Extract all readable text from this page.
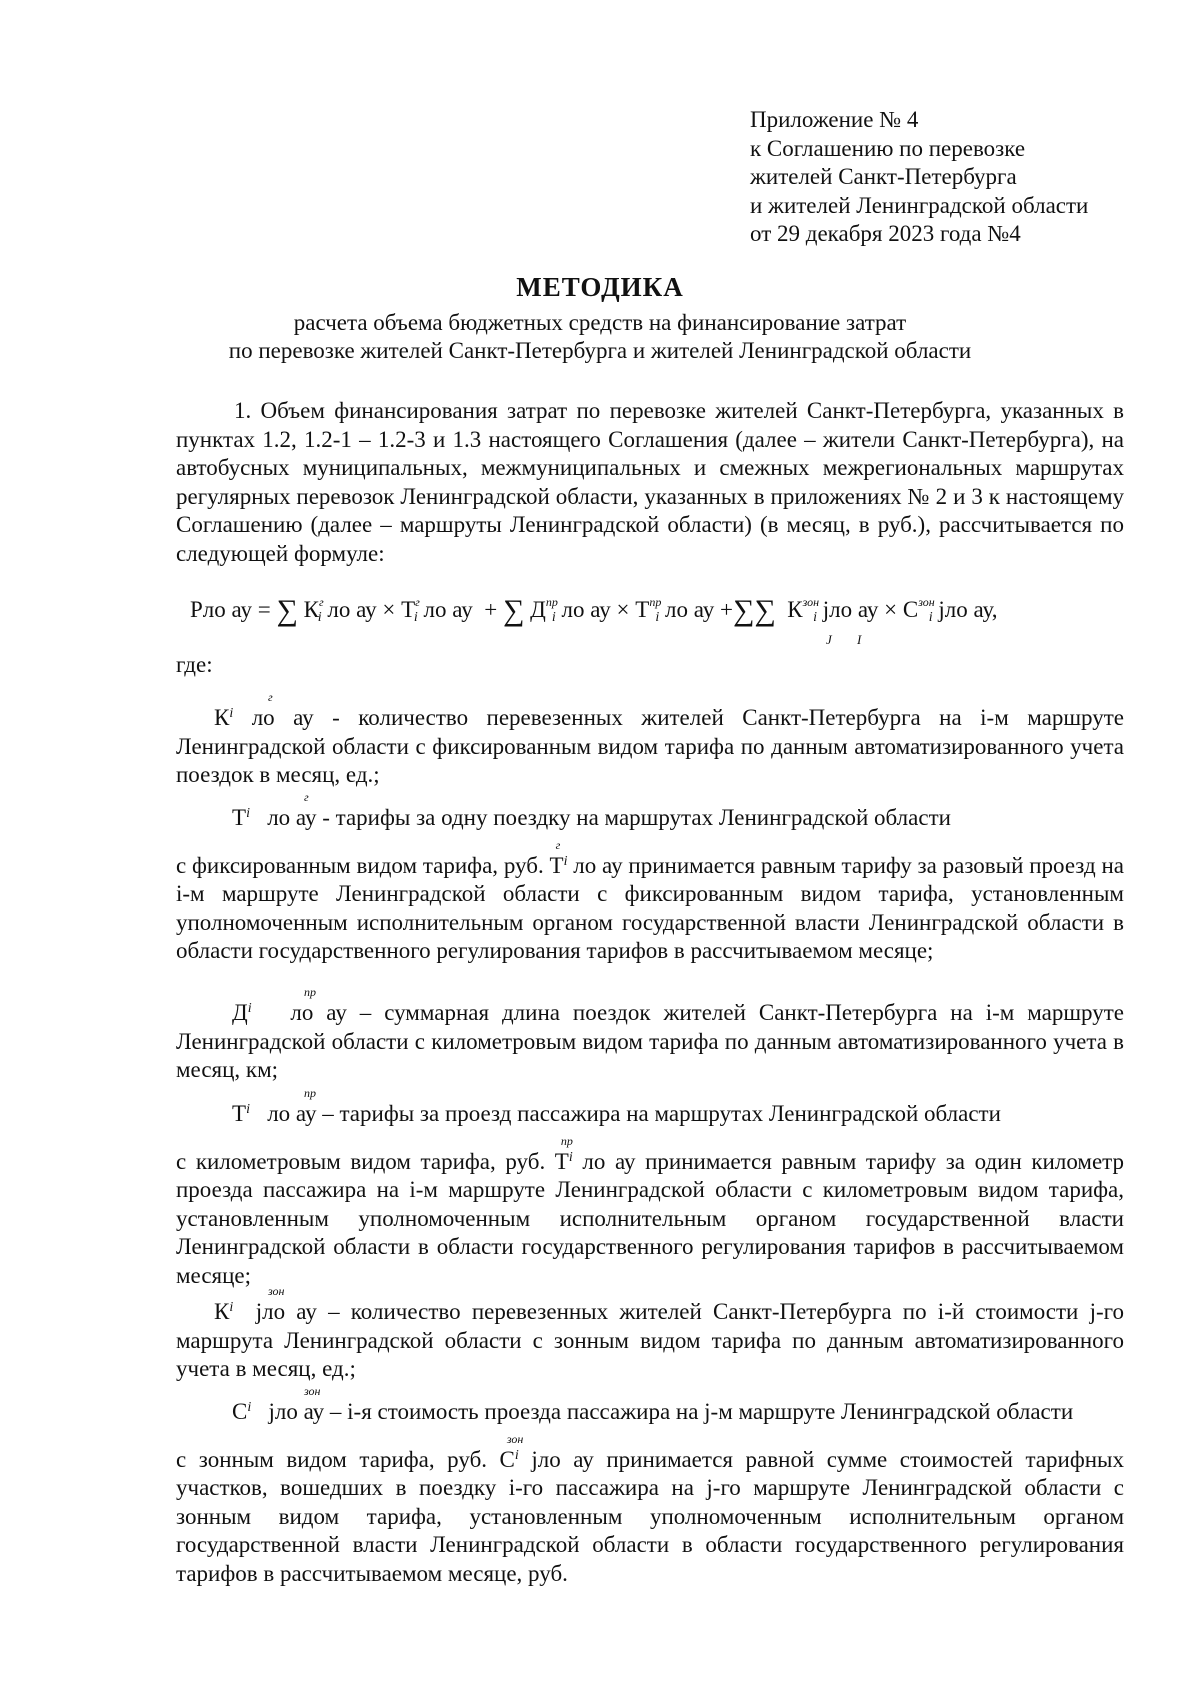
Приложение № 4
к Соглашению по перевозке
жителей Санкт-Петербурга
и жителей Ленинградской области
от 29 декабря 2023 года №4
МЕТОДИКА
расчета объема бюджетных средств на финансирование затрат
по перевозке жителей Санкт-Петербурга и жителей Ленинградской области

1. Объем финансирования затрат по перевозке жителей Санкт-Петербурга, указанных в пунктах 1.2, 1.2-1 – 1.2-3 и 1.3 настоящего Соглашения (далее – жители Санкт-Петербурга), на автобусных муниципальных, межмуниципальных и смежных межрегиональных маршрутах регулярных перевозок Ленинградской области, указанных в приложениях № 2 и 3 к настоящему Соглашению (далее – маршруты Ленинградской области) (в месяц, в руб.), рассчитывается по следующей формуле:

Рло ау = ∑ $К^гi$ ло ау × $Т^гi$ ло ау + ∑ $Д^{пр}i$ ло ау × $Т^{пр}i$ ло ау +∑∑ $К^{зон}i$ jло ау × $С^{зон}i$ jло ау,
J I
где:

К
г
$^i$ ло ау - количество перевезенных жителей Санкт-Петербурга на i-м маршруте Ленинградской области с фиксированным видом тарифа по данным автоматизированного учета поездок в месяц, ед.;

Т
г
$^i$ ло ау - тарифы за одну поездку на маршрутах Ленинградской области

с фиксированным видом тарифа, руб. Т
г
$^i$ ло ау принимается равным тарифу за разовый проезд на i-м маршруте Ленинградской области с фиксированным видом тарифа, установленным уполномоченным исполнительным органом государственной власти Ленинградской области в области государственного регулирования тарифов в рассчитываемом месяце;

Д
пр
$^i$ ло ау – суммарная длина поездок жителей Санкт-Петербурга на i-м маршруте Ленинградской области с километровым видом тарифа по данным автоматизированного учета в месяц, км;

Т
пр
$^i$ ло ау – тарифы за проезд пассажира на маршрутах Ленинградской области

с километровым видом тарифа, руб. Т
пр
$^i$ ло ау принимается равным тарифу за один километр проезда пассажира на i-м маршруте Ленинградской области с километровым видом тарифа, установленным уполномоченным исполнительным органом государственной власти Ленинградской области в области государственного регулирования тарифов в рассчитываемом месяце;

К
зон
$^i$ jло ау – количество перевезенных жителей Санкт-Петербурга по i-й стоимости j-го маршрута Ленинградской области с зонным видом тарифа по данным автоматизированного учета в месяц, ед.;

С
зон
$^i$ jло ау – i-я стоимость проезда пассажира на j-м маршруте Ленинградской области

с зонным видом тарифа, руб. С
зон
$^i$ jло ау принимается равной сумме стоимостей тарифных участков, вошедших в поездку i-го пассажира на j-го маршруте Ленинградской области с зонным видом тарифа, установленным уполномоченным исполнительным органом государственной власти Ленинградской области в области государственного регулирования тарифов в рассчитываемом месяце, руб.
